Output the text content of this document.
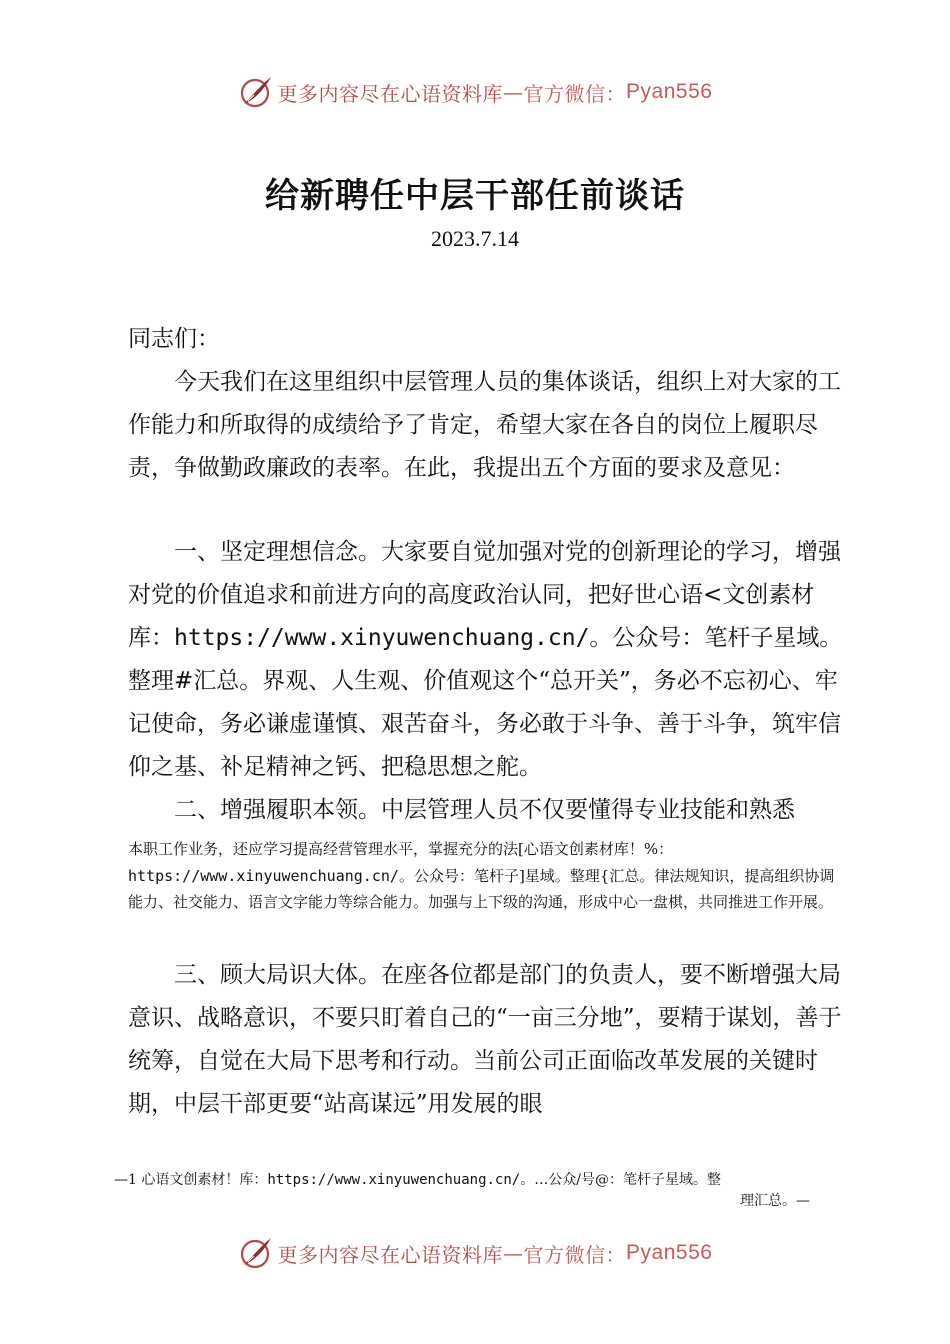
更多内容尽在心语资料库 — 官方微信： Pyan556
给新聘任中层干部任前谈话
2023.7.14
同志们：
今天我们在这里组织中层管理人员的集体谈话，组织上对大家的工作能力和所取得的成绩给予了肯定，希望大家在各自的岗位上履职尽责，争做勤政廉政的表率。在此，我提出五个方面的要求及意见：
一、坚定理想信念。大家要自觉加强对党的创新理论的学习，增强对党的价值追求和前进方向的高度政治认同，把好世心语<文创素材库：https://www.xinyuwenchuang.cn/。公众号：笔杆子星域。整理#汇总。界观、人生观、价值观这个“总开关”，务必不忘初心、牢记使命，务必谦虚谨慎、艰苦奋斗，务必敢于斗争、善于斗争，筑牢信仰之基、补足精神之钙、把稳思想之舵。
二、增强履职本领。中层管理人员不仅要懂得专业技能和熟悉
本职工作业务，还应学习提高经营管理水平，掌握充分的法[心语文创素材库！%：
https://www.xinyuwenchuang.cn/。公众号：笔杆子]星域。整理{汇总。律法规知识，提高组织协调能力、社交能力、语言文字能力等综合能力。加强与上下级的沟通，形成中心一盘棋，共同推进工作开展。
三、顾大局识大体。在座各位都是部门的负责人，要不断增强大局意识、战略意识，不要只盯着自己的“一亩三分地”，要精于谋划，善于统筹，自觉在大局下思考和行动。当前公司正面临改革发展的关键时期，中层干部更要“站高谋远”用发展的眼
—1 心语文创素材！库：https://www.xinyuwenchuang.cn/。…公众/号@：笔杆子星域。整
理汇总。—
更多内容尽在心语资料库 — 官方微信： Pyan556
